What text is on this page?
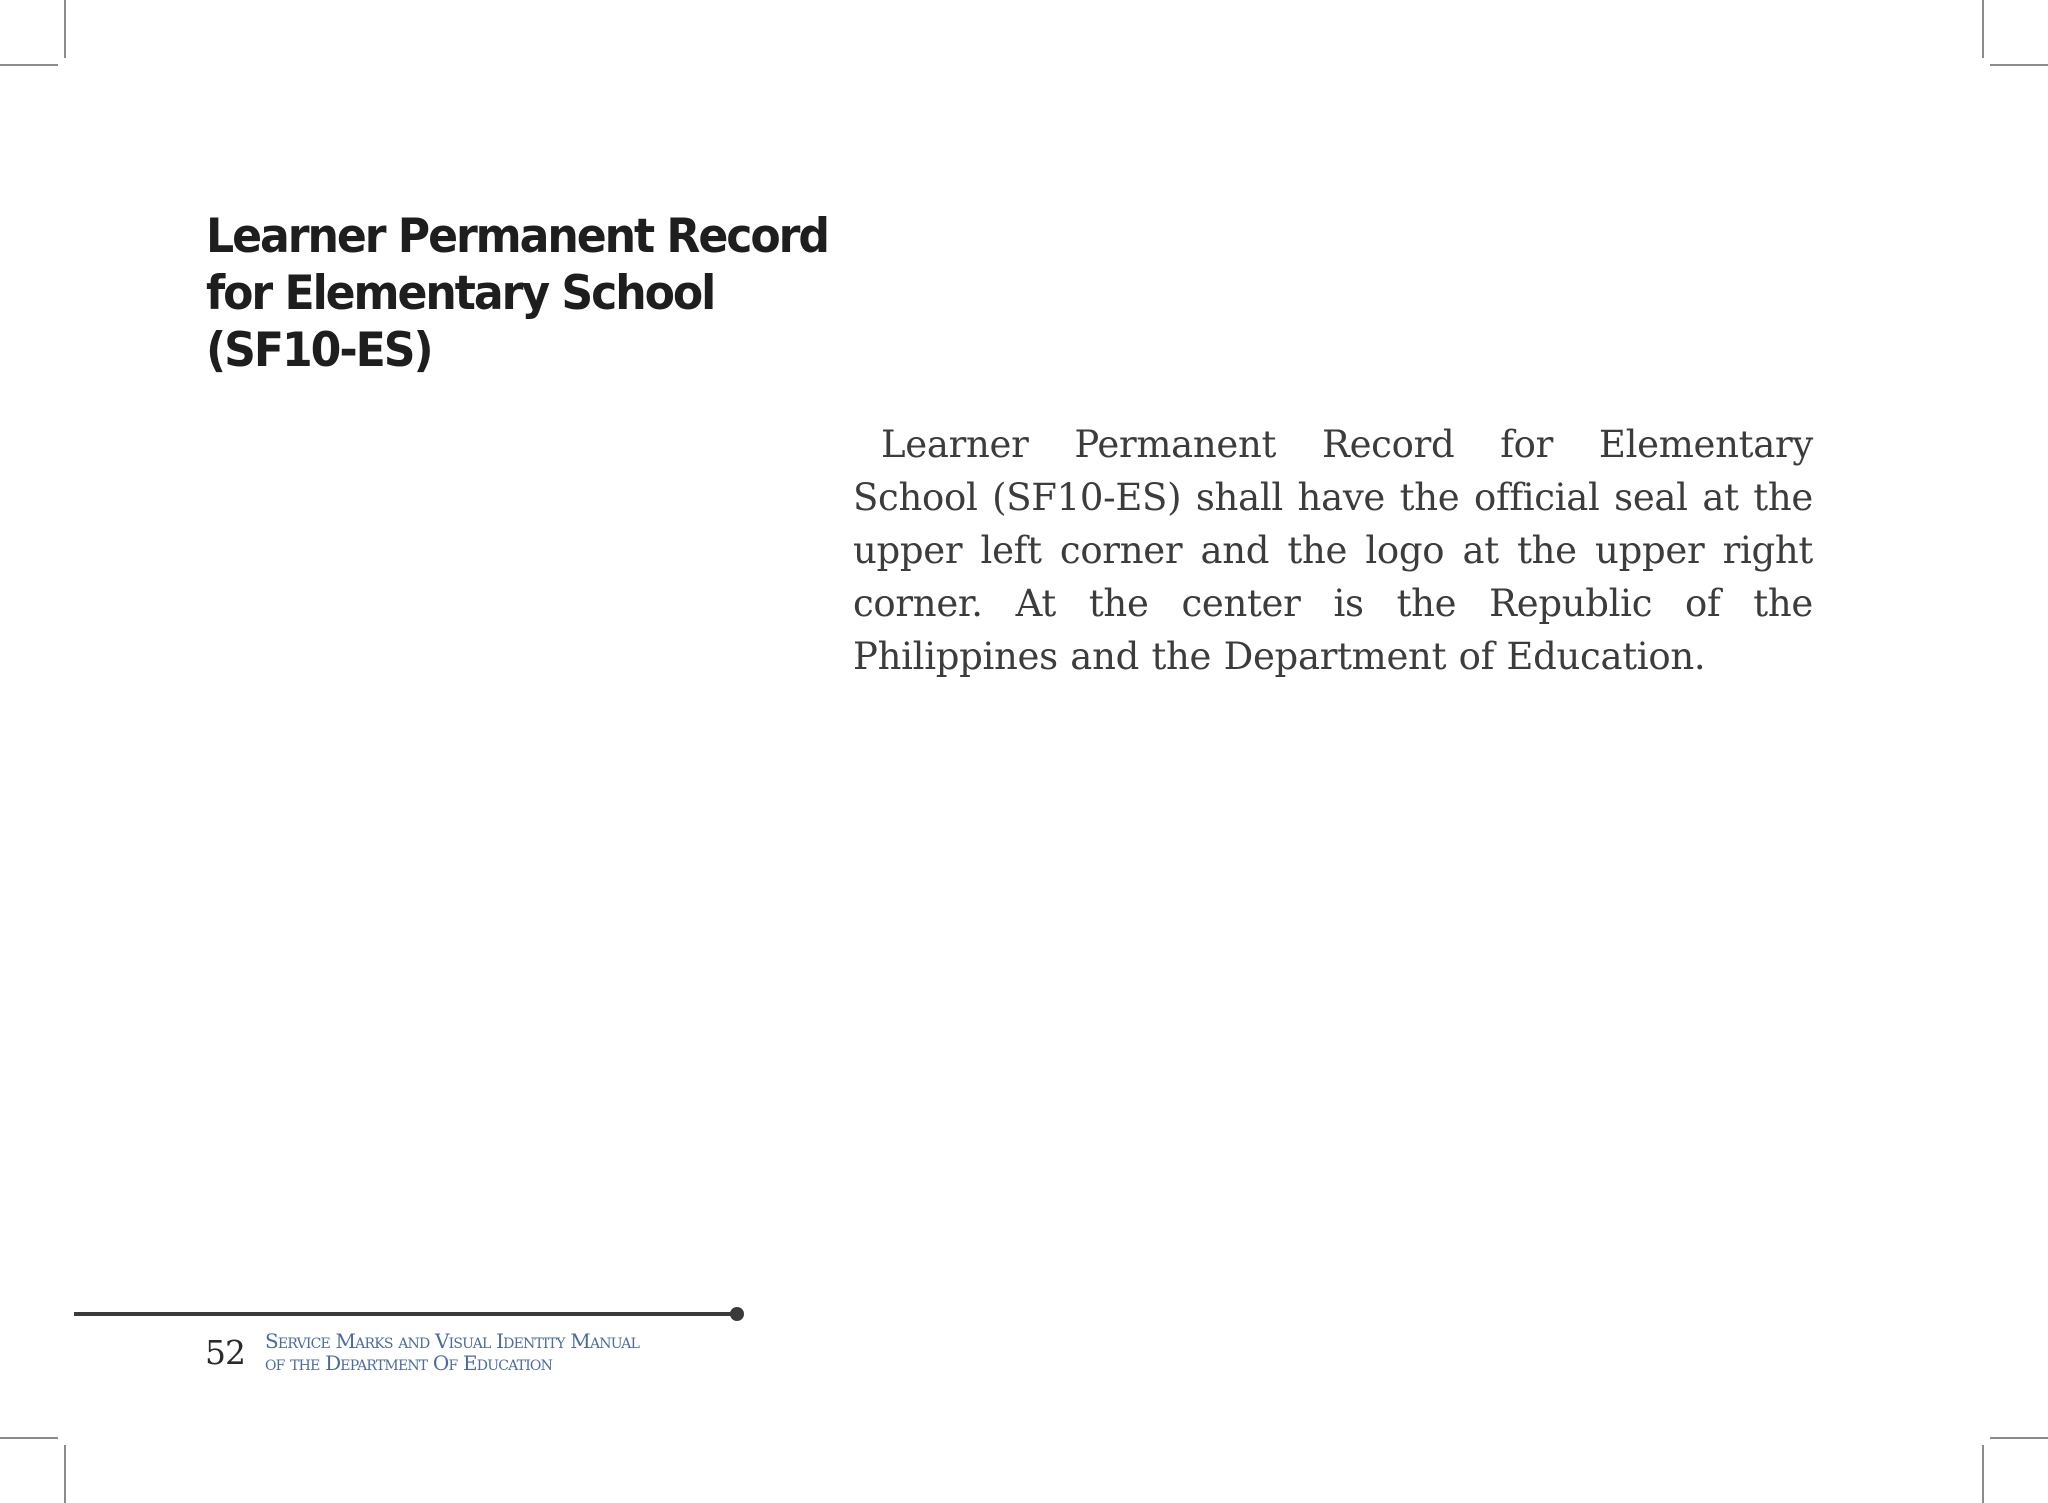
Learner Permanent Record
for Elementary School
(SF10-ES)

Learner Permanent Record for Elementary School (SF10-ES) shall have the official seal at the upper left corner and the logo at the upper right corner. At the center is the Republic of the Philippines and the Department of Education.

52 Service Marks and Visual Identity Manual
of the Department Of Education
